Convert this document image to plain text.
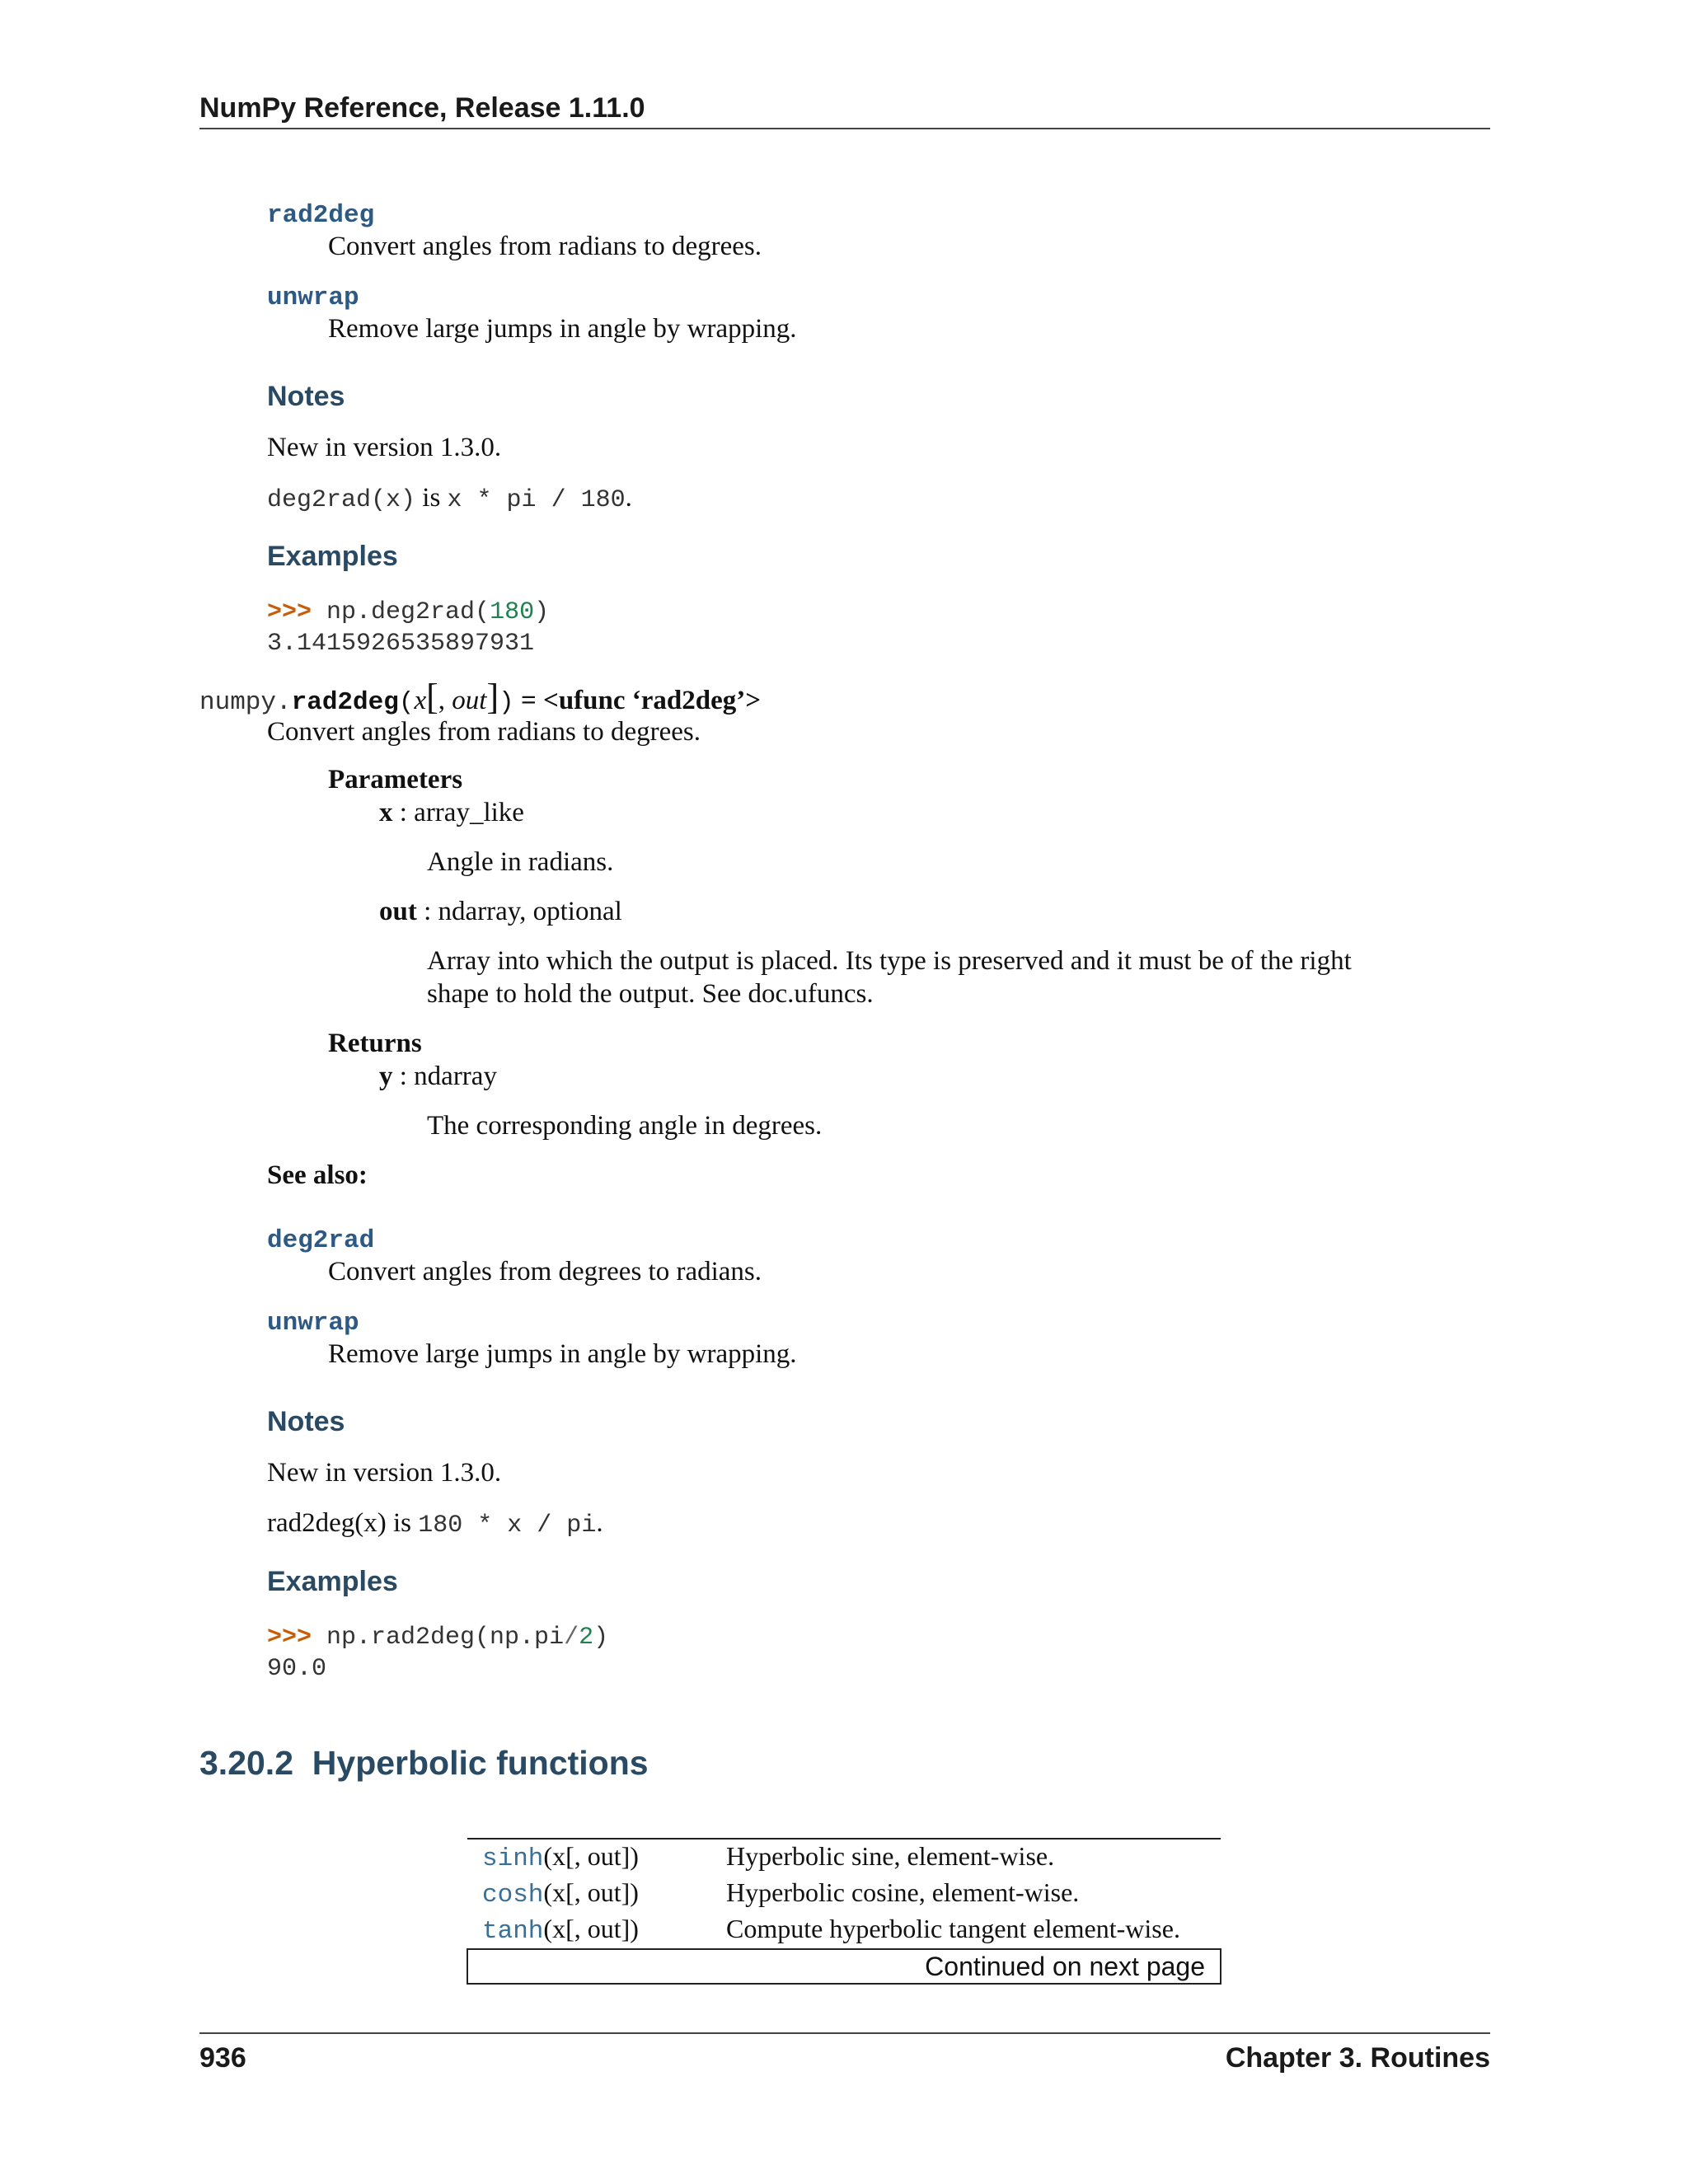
NumPy Reference, Release 1.11.0
rad2deg
Convert angles from radians to degrees.
unwrap
Remove large jumps in angle by wrapping.
Notes
New in version 1.3.0.
deg2rad(x) is x * pi / 180.
Examples
>>> np.deg2rad(180)
3.1415926535897931
numpy.rad2deg(x[, out]) = <ufunc ‘rad2deg’>
Convert angles from radians to degrees.
Parameters
x : array_like
Angle in radians.
out : ndarray, optional
Array into which the output is placed. Its type is preserved and it must be of the right
shape to hold the output. See doc.ufuncs.
Returns
y : ndarray
The corresponding angle in degrees.
See also:
deg2rad
Convert angles from degrees to radians.
unwrap
Remove large jumps in angle by wrapping.
Notes
New in version 1.3.0.
rad2deg(x) is 180 * x / pi.
Examples
>>> np.rad2deg(np.pi/2)
90.0
3.20.2 Hyperbolic functions
sinh(x[, out])	Hyperbolic sine, element-wise.
cosh(x[, out])	Hyperbolic cosine, element-wise.
tanh(x[, out])	Compute hyperbolic tangent element-wise.
Continued on next page	
936	Chapter 3. Routines
